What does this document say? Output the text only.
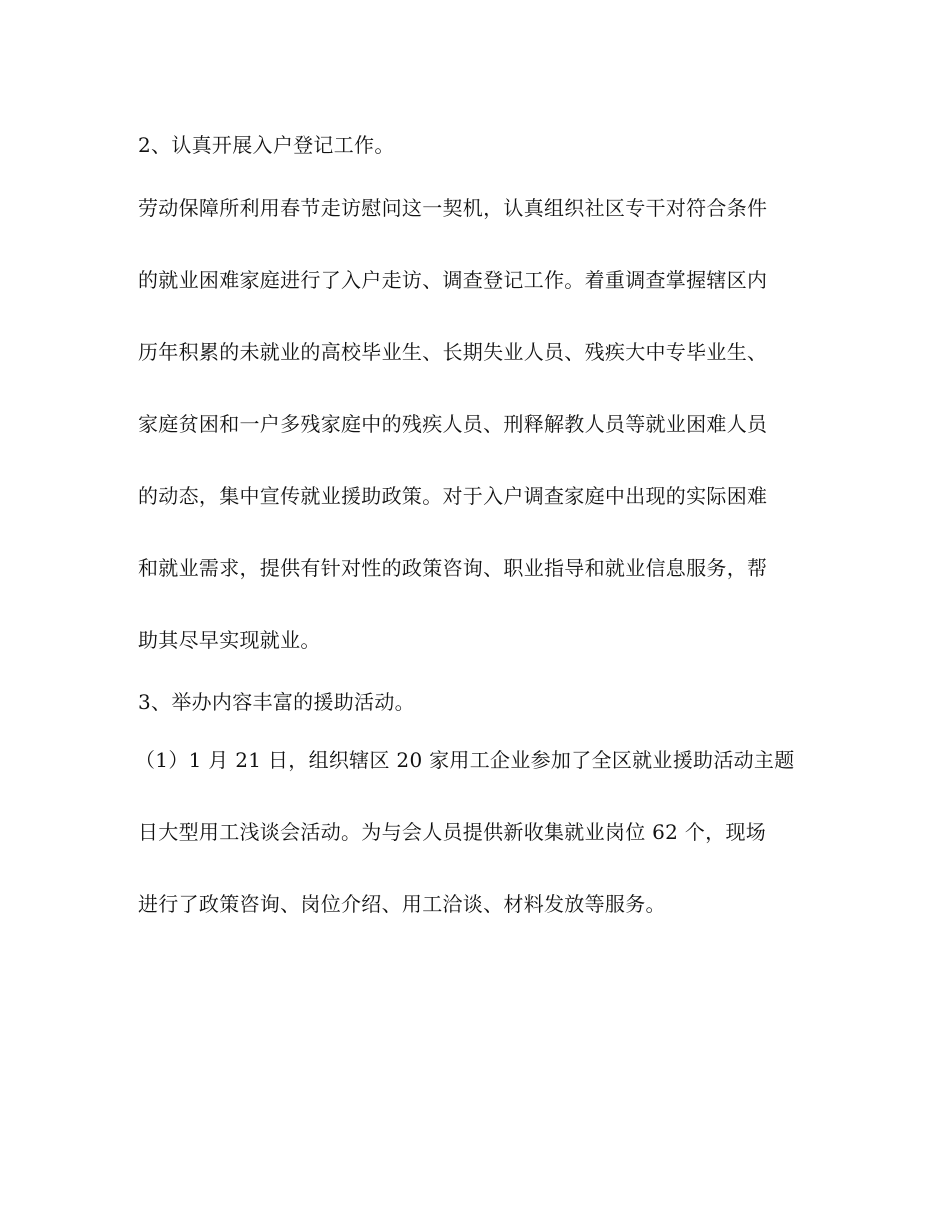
2、认真开展入户登记工作。
劳动保障所利用春节走访慰问这一契机，认真组织社区专干对符合条件
的就业困难家庭进行了入户走访、调查登记工作。着重调查掌握辖区内
历年积累的未就业的高校毕业生、长期失业人员、残疾大中专毕业生、
家庭贫困和一户多残家庭中的残疾人员、刑释解教人员等就业困难人员
的动态，集中宣传就业援助政策。对于入户调查家庭中出现的实际困难
和就业需求，提供有针对性的政策咨询、职业指导和就业信息服务，帮
助其尽早实现就业。
3、举办内容丰富的援助活动。
（1）1 月 21 日，组织辖区 20 家用工企业参加了全区就业援助活动主题
日大型用工浅谈会活动。为与会人员提供新收集就业岗位 62 个，现场
进行了政策咨询、岗位介绍、用工洽谈、材料发放等服务。
